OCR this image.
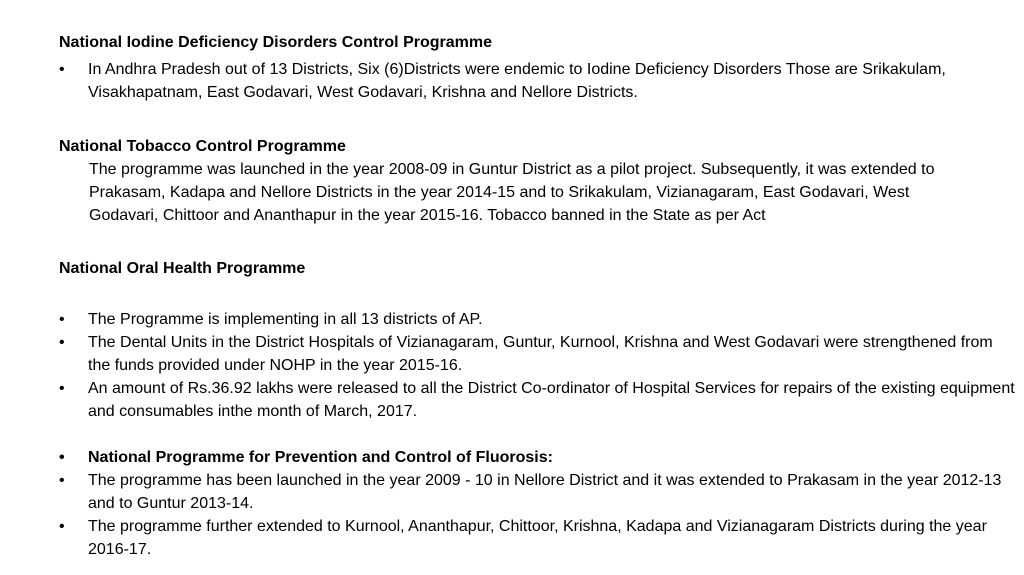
National Iodine Deficiency Disorders Control Programme
• In Andhra Pradesh out of 13 Districts, Six (6)Districts were endemic to Iodine Deficiency Disorders Those are Srikakulam, Visakhapatnam, East Godavari, West Godavari, Krishna and Nellore Districts.
National Tobacco Control Programme
The programme was launched in the year 2008-09 in Guntur District as a pilot project. Subsequently, it was extended to Prakasam, Kadapa and Nellore Districts in the year 2014-15 and to Srikakulam, Vizianagaram, East Godavari, West Godavari, Chittoor and Ananthapur in the year 2015-16. Tobacco banned in the State as per Act
National Oral Health Programme
• The Programme is implementing in all 13 districts of AP.
• The Dental Units in the District Hospitals of Vizianagaram, Guntur, Kurnool, Krishna and West Godavari were strengthened from the funds provided under NOHP in the year 2015-16.
• An amount of Rs.36.92 lakhs were released to all the District Co-ordinator of Hospital Services for repairs of the existing equipment and consumables inthe month of March, 2017.
• National Programme for Prevention and Control of Fluorosis:
• The programme has been launched in the year 2009 - 10 in Nellore District and it was extended to Prakasam in the year 2012-13 and to Guntur 2013-14.
• The programme further extended to Kurnool, Ananthapur, Chittoor, Krishna, Kadapa and Vizianagaram Districts during the year 2016-17.
